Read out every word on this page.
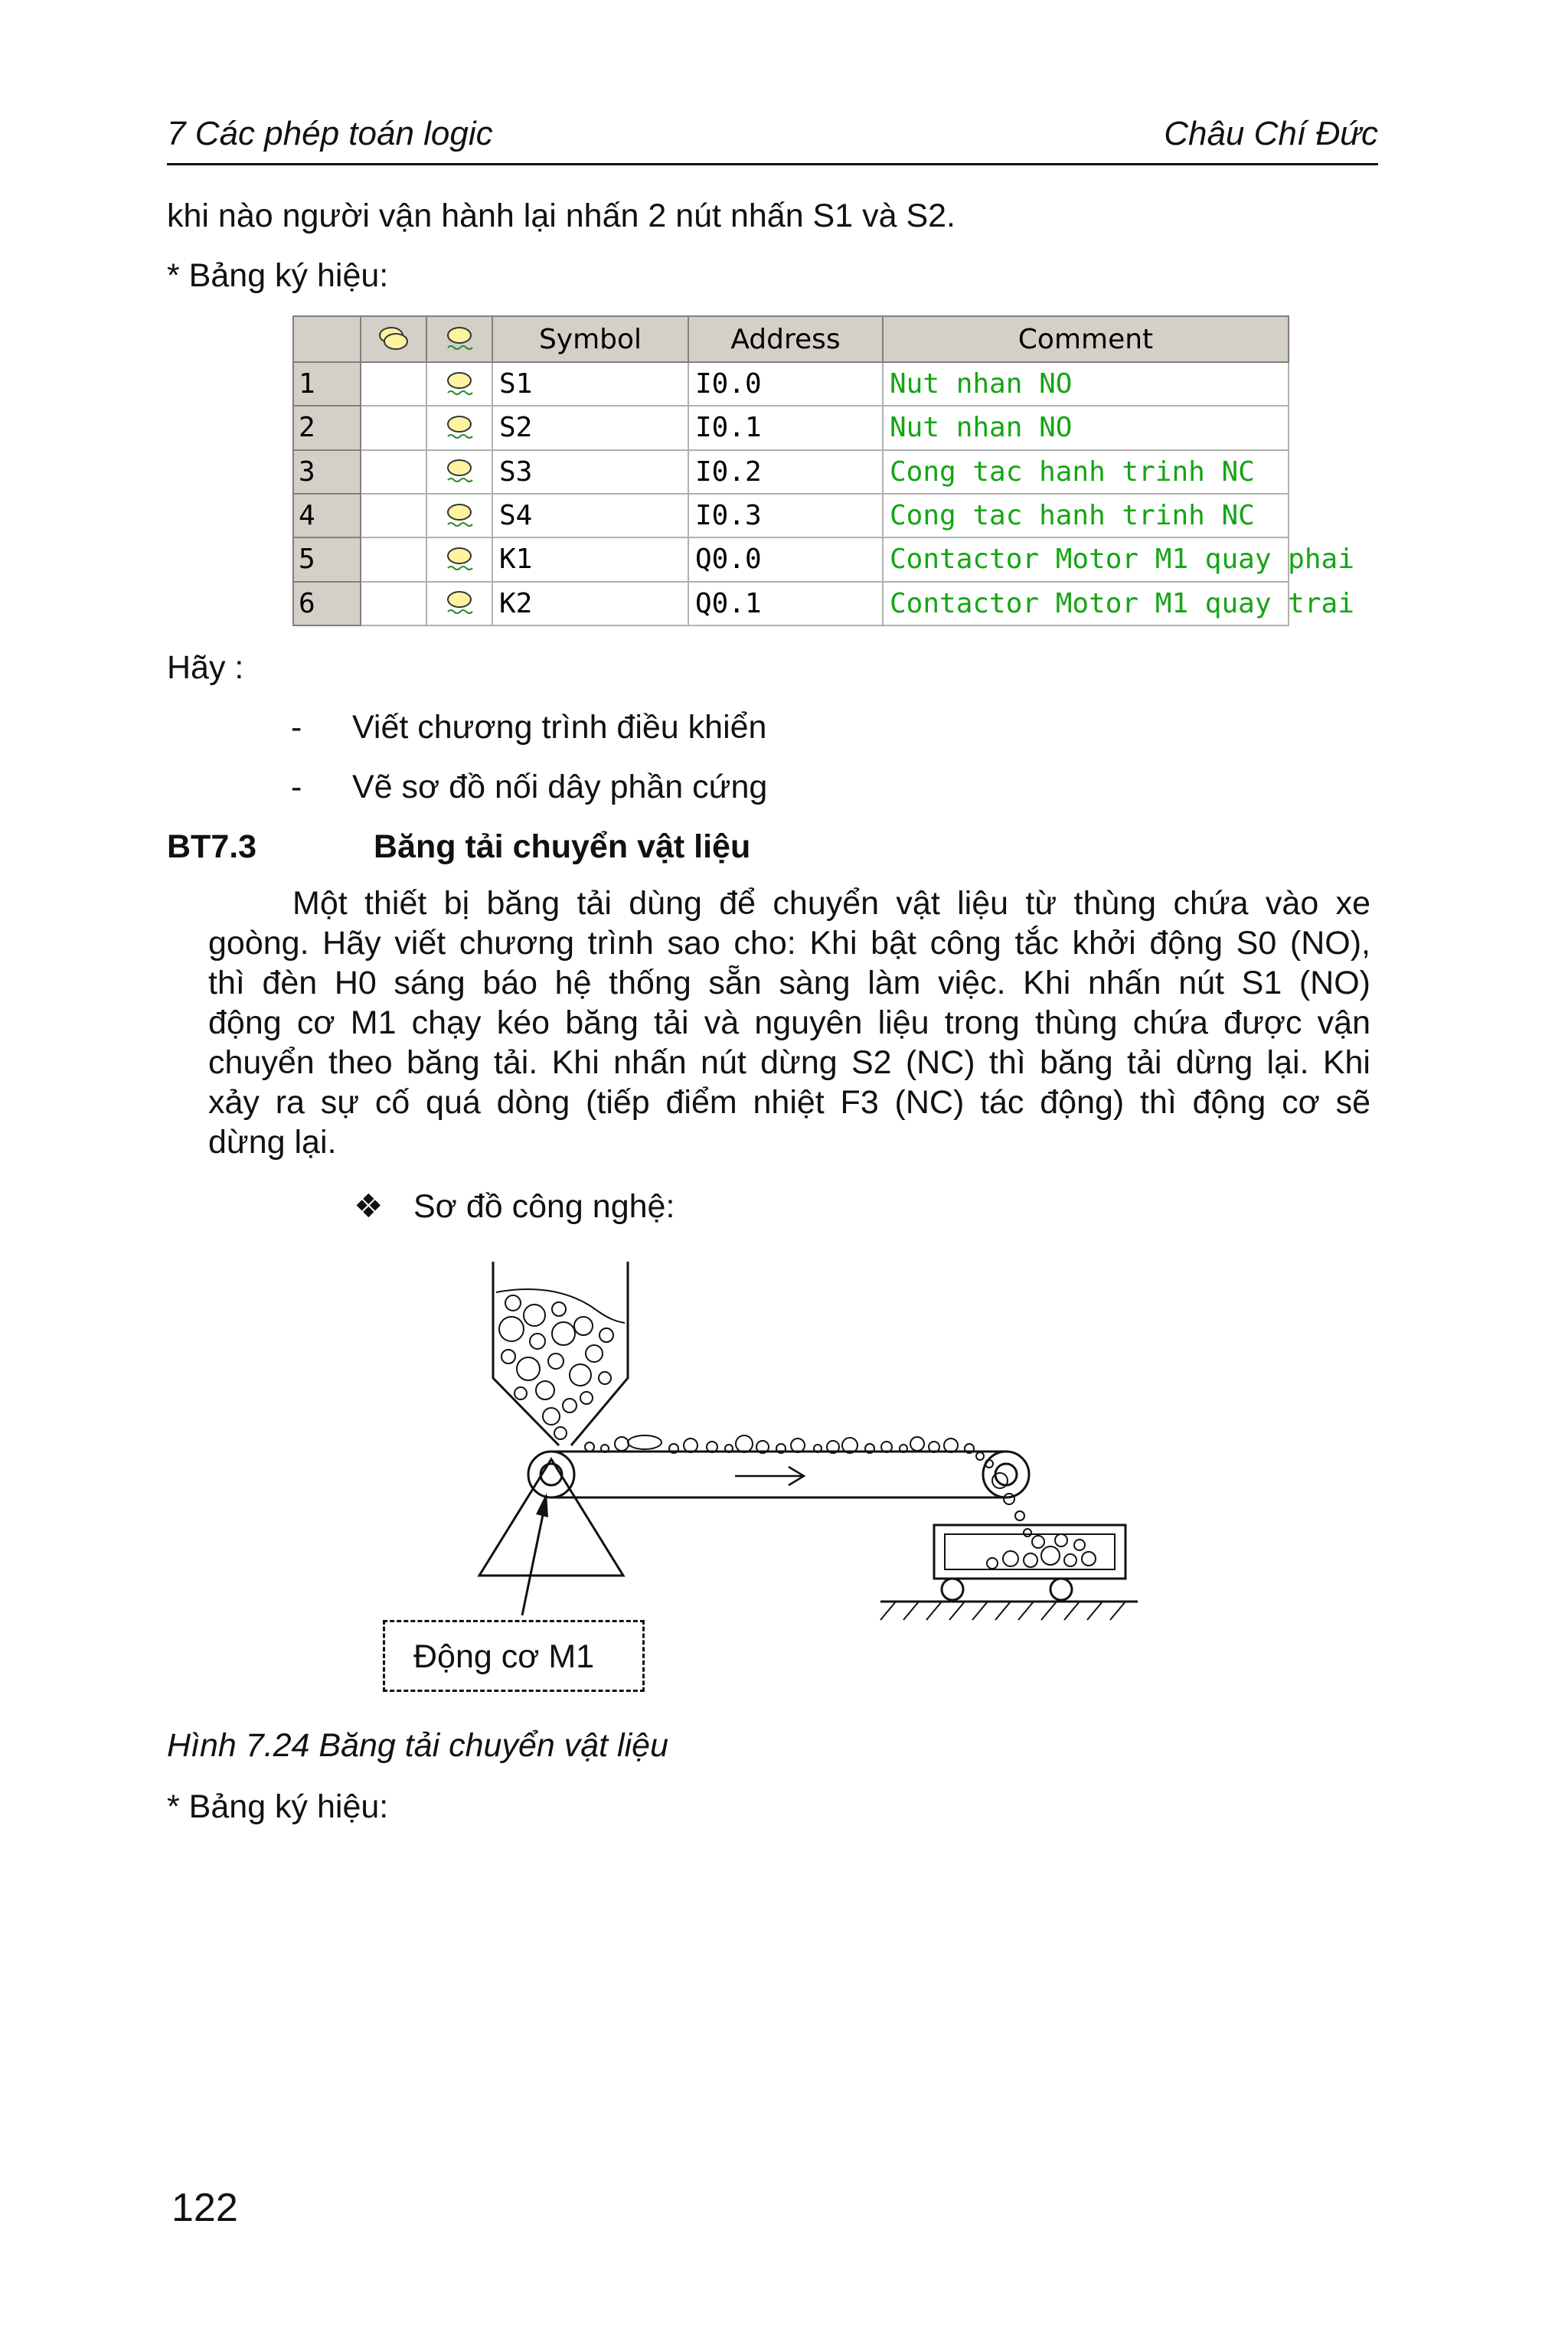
7 Các phép toán logic	Châu Chí Đức
khi nào người vận hành lại nhấn 2 nút nhấn S1 và S2.
* Bảng ký hiệu:
			Symbol	Address	Comment
1			S1	I0.0	Nut nhan NO
2			S2	I0.1	Nut nhan NO
3			S3	I0.2	Cong tac hanh trinh NC
4			S4	I0.3	Cong tac hanh trinh NC
5			K1	Q0.0	Contactor Motor M1 quay phai
6			K2	Q0.1	Contactor Motor M1 quay trai
Hãy :
- Viết chương trình điều khiển
- Vẽ sơ đồ nối dây phần cứng
BT7.3	Băng tải chuyển vật liệu
Một thiết bị băng tải dùng để chuyển vật liệu từ thùng chứa vào xe
goòng. Hãy viết chương trình sao cho: Khi bật công tắc khởi động S0 (NO),
thì đèn H0 sáng báo hệ thống sẵn sàng làm việc. Khi nhấn nút S1 (NO)
động cơ M1 chạy kéo băng tải và nguyên liệu trong thùng chứa được vận
chuyển theo băng tải. Khi nhấn nút dừng S2 (NC) thì băng tải dừng lại. Khi
xảy ra sự cố quá dòng (tiếp điểm nhiệt F3 (NC) tác động) thì động cơ sẽ
dừng lại.
❖ Sơ đồ công nghệ:
Động cơ M1
Hình 7.24 Băng tải chuyển vật liệu
* Bảng ký hiệu:
122
